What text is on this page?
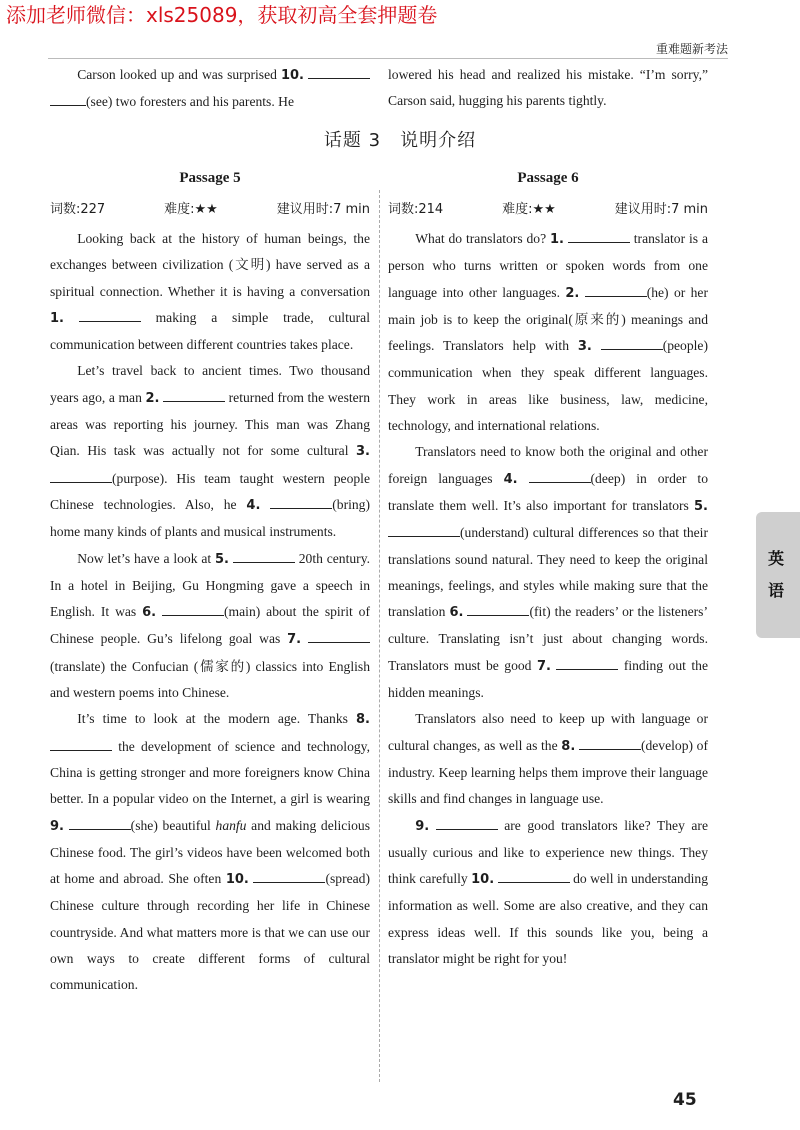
添加老师微信：xls25089，获取初高全套押题卷
重难题新考法

Carson looked up and was surprised 10.  (see) two foresters and his parents. He

lowered his head and realized his mistake. “I’m sorry,” Carson said, hugging his parents tightly.

话题 3　说明介绍
Passage 5
词数:227	难度:★★	建议用时:7 min

Looking back at the history of human beings, the exchanges between civilization (文明) have served as a spiritual connection. Whether it is having a conversation 1.	making a simple trade, cultural communication between different countries takes place.

Let’s travel back to ancient times. Two thousand years ago, a man 2.	returned from the western areas was reporting his journey. This man was Zhang Qian. His task was actually not for some cultural 3. (purpose). His team taught western people Chinese technologies. Also, he 4.	(bring) home many kinds of plants and musical instruments.

Now let’s have a look at 5.	20th century. In a hotel in Beijing, Gu Hongming gave a speech in English. It was 6.	(main) about the spirit of Chinese people. Gu’s lifelong goal was 7. (translate) the Confucian (儒家的) classics into English and western poems into Chinese.

It’s time to look at the modern age. Thanks 8.  the development of science and technology, China is getting stronger and more foreigners know China better. In a popular video on the Internet, a girl is wearing 9.	(she) beautiful hanfu and making delicious Chinese food. The girl’s videos have been welcomed both at home and abroad. She often 10.	(spread) Chinese culture through recording her life in Chinese countryside. And what matters more is that we can use our own ways to create different forms of cultural communication.

Passage 6
词数:214	难度:★★	建议用时:7 min

What do translators do? 1.	translator is a person who turns written or spoken words from one language into other languages. 2.	(he) or her main job is to keep the original(原来的) meanings and feelings. Translators help with 3.	(people) communication when they speak different languages. They work in areas like business, law, medicine, technology, and international relations.

Translators need to know both the original and other foreign languages 4.	(deep) in order to translate them well. It’s also important for translators 5. (understand) cultural differences so that their translations sound natural. They need to keep the original meanings, feelings, and styles while making sure that the translation 6.	(fit) the readers’ or the listeners’ culture. Translating isn’t just about changing words. Translators must be good 7.	finding out the hidden meanings.

Translators also need to keep up with language or cultural changes, as well as the 8.	(develop) of industry. Keep learning helps them improve their language skills and find changes in language use.

9.	are good translators like? They are usually curious and like to experience new things. They think carefully 10.	do well in understanding information as well. Some are also creative, and they can express ideas well. If this sounds like you, being a translator might be right for you!

英
语
45
